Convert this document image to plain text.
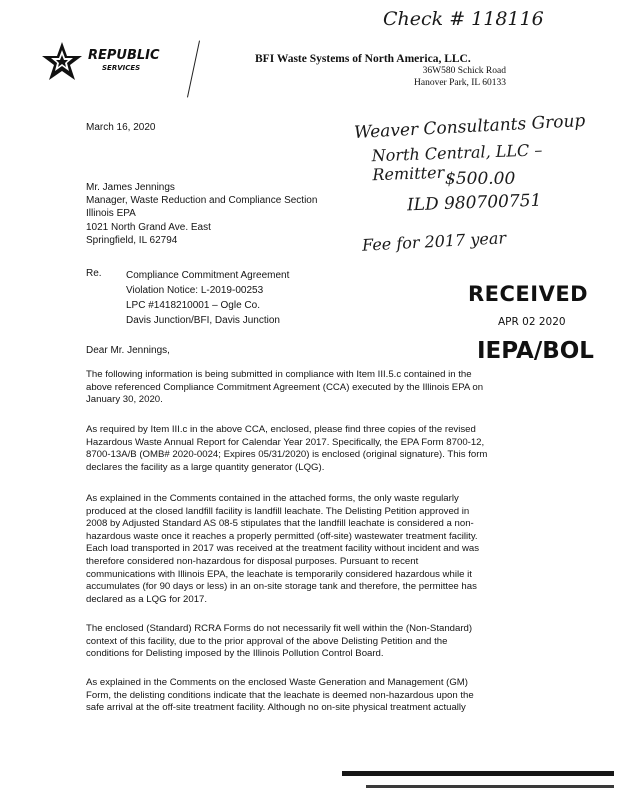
Check # 118116
Weaver Consultants Group
North Central, LLC – Remitter $500.00
ILD 980700751
Fee for 2017 year
REPUBLIC
SERVICES
BFI Waste Systems of North America, LLC.
36W580 Schick Road
Hanover Park, IL 60133
March 16, 2020
Mr. James Jennings
Manager, Waste Reduction and Compliance Section
Illinois EPA
1021 North Grand Ave. East
Springfield, IL 62794
Re. Compliance Commitment Agreement
Violation Notice: L-2019-00253
LPC #1418210001 – Ogle Co.
Davis Junction/BFI, Davis Junction
RECEIVED
APR 02 2020
IEPA/BOL
Dear Mr. Jennings,
The following information is being submitted in compliance with Item III.5.c contained in the
above referenced Compliance Commitment Agreement (CCA) executed by the Illinois EPA on
January 30, 2020.
As required by Item III.c in the above CCA, enclosed, please find three copies of the revised
Hazardous Waste Annual Report for Calendar Year 2017. Specifically, the EPA Form 8700-12,
8700-13A/B (OMB# 2020-0024; Expires 05/31/2020) is enclosed (original signature). This form
declares the facility as a large quantity generator (LQG).
As explained in the Comments contained in the attached forms, the only waste regularly
produced at the closed landfill facility is landfill leachate. The Delisting Petition approved in
2008 by Adjusted Standard AS 08-5 stipulates that the landfill leachate is considered a non-
hazardous waste once it reaches a properly permitted (off-site) wastewater treatment facility.
Each load transported in 2017 was received at the treatment facility without incident and was
therefore considered non-hazardous for disposal purposes. Pursuant to recent
communications with Illinois EPA, the leachate is temporarily considered hazardous while it
accumulates (for 90 days or less) in an on-site storage tank and therefore, the permittee has
declared as a LQG for 2017.
The enclosed (Standard) RCRA Forms do not necessarily fit well within the (Non-Standard)
context of this facility, due to the prior approval of the above Delisting Petition and the
conditions for Delisting imposed by the Illinois Pollution Control Board.
As explained in the Comments on the enclosed Waste Generation and Management (GM)
Form, the delisting conditions indicate that the leachate is deemed non-hazardous upon the
safe arrival at the off-site treatment facility. Although no on-site physical treatment actually
